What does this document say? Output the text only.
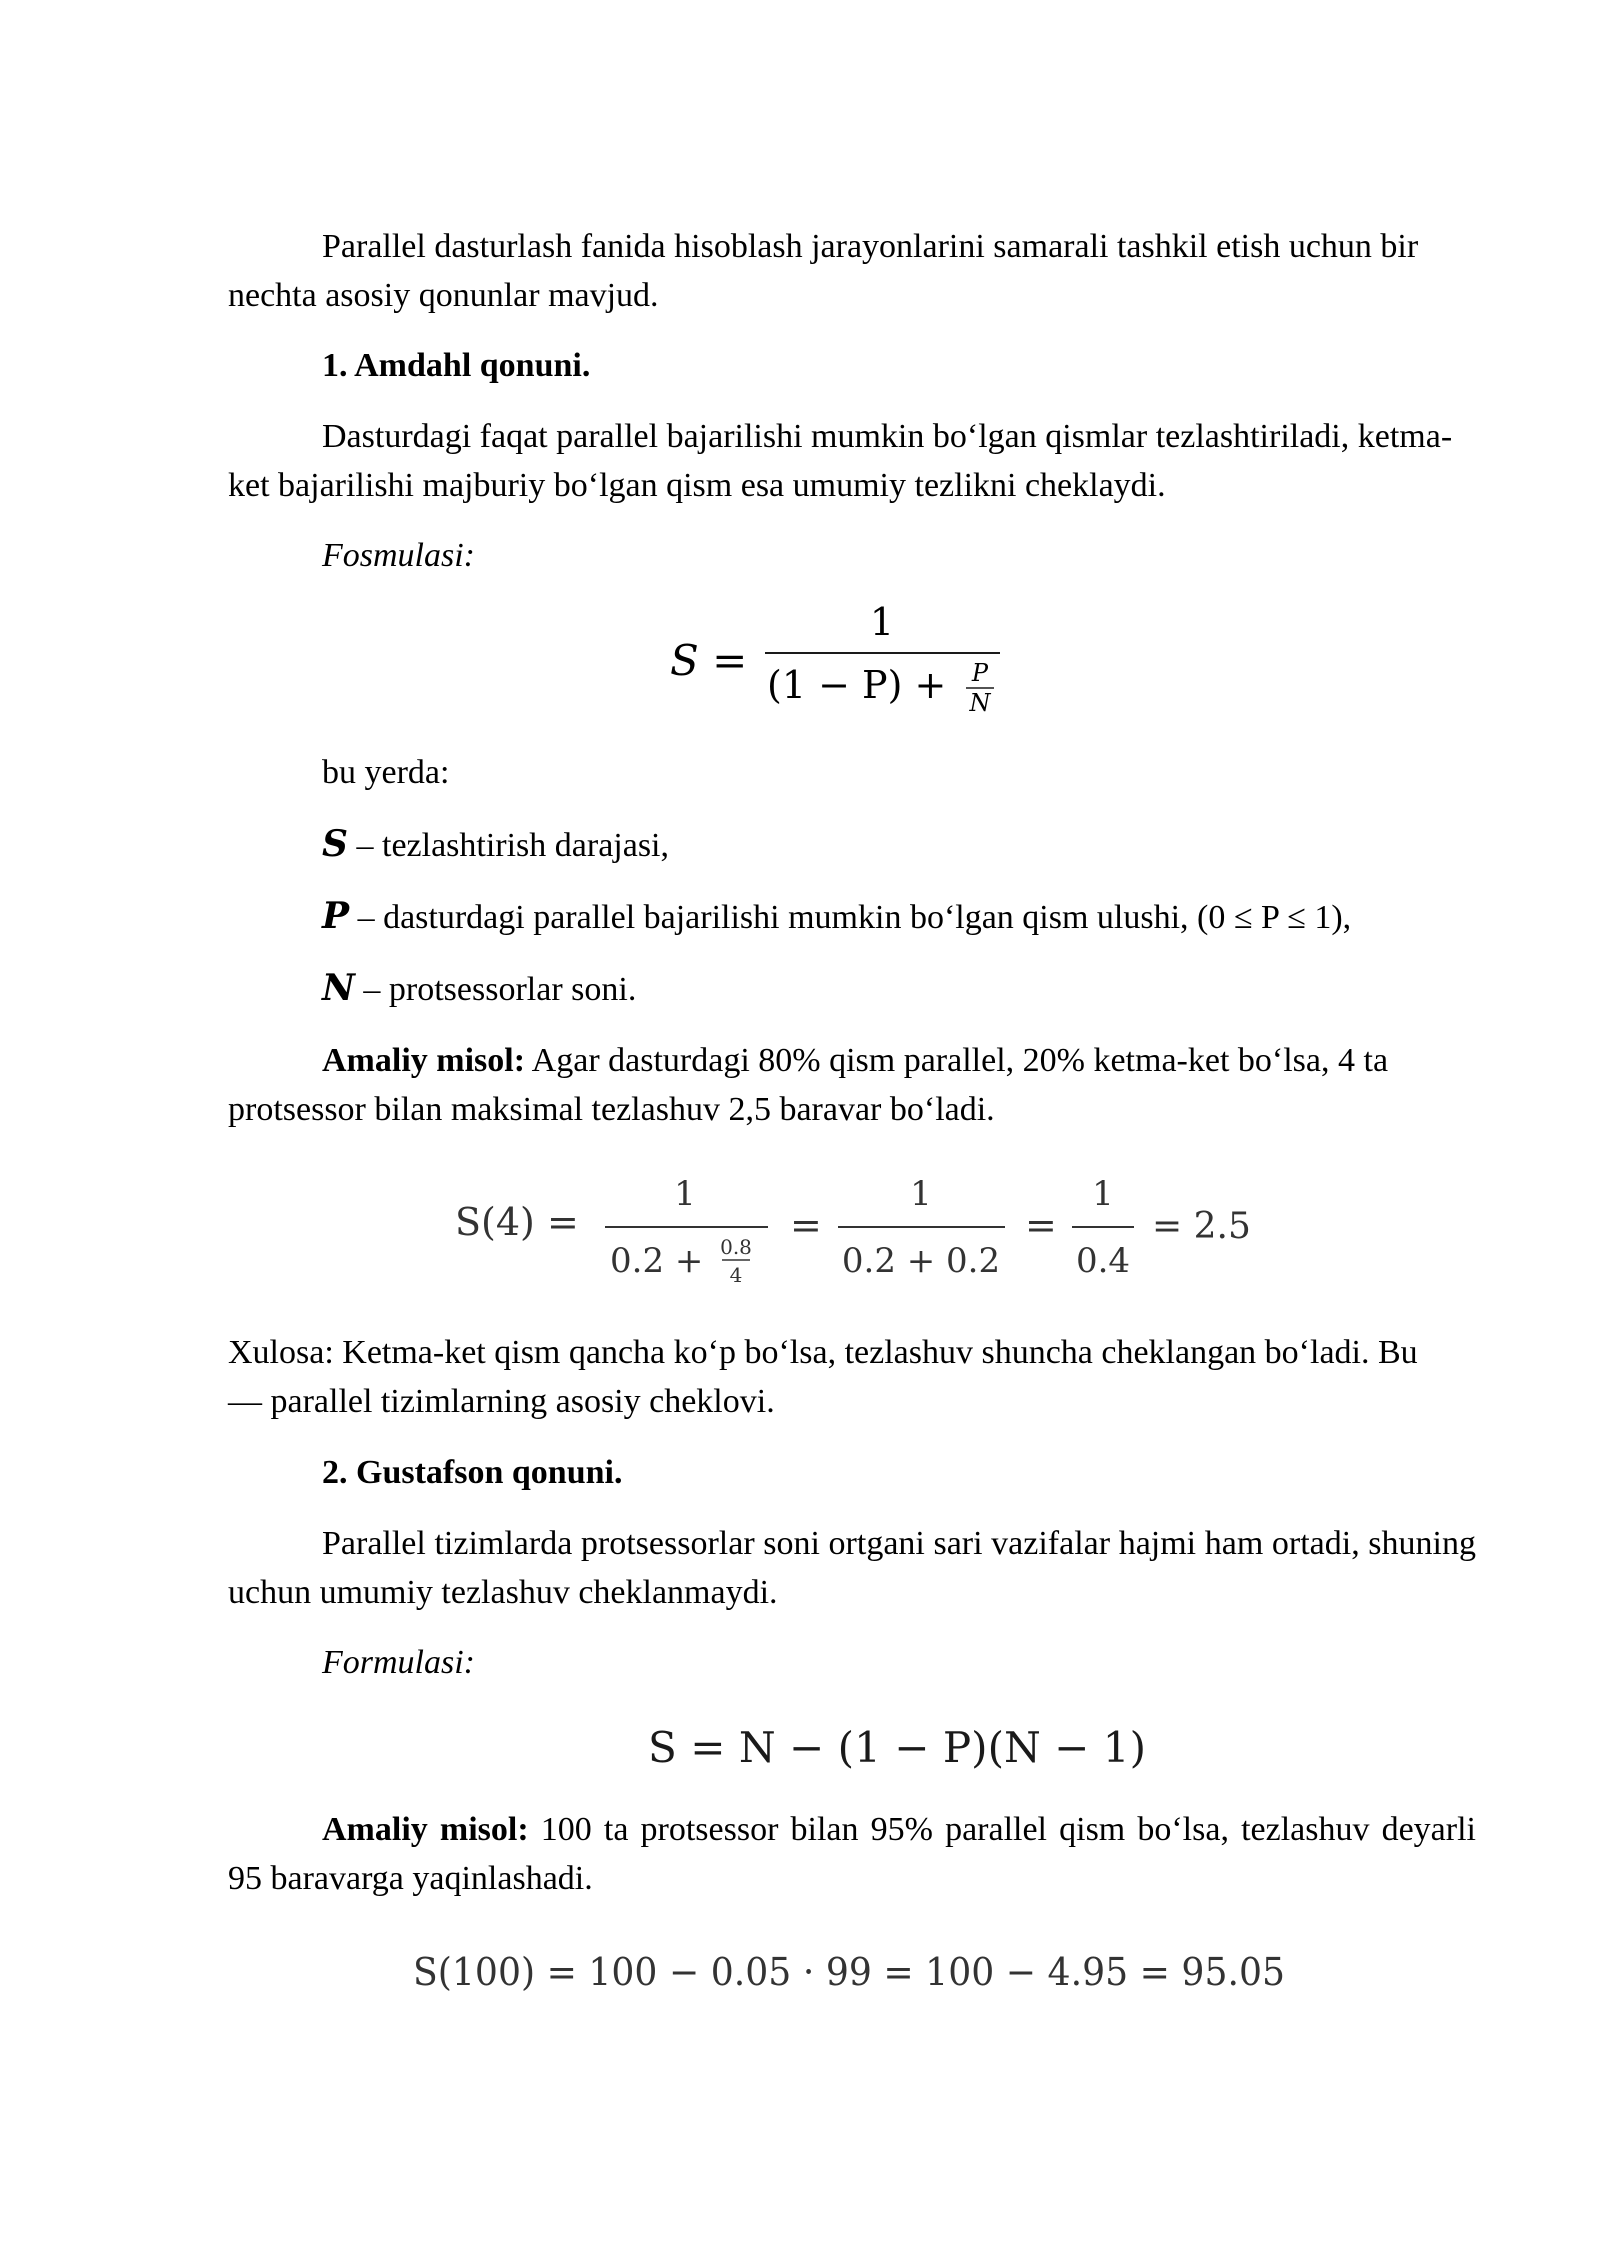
Parallel dasturlash fanida hisoblash jarayonlarini samarali tashkil etish uchun bir nechta asosiy qonunlar mavjud.

1. Amdahl qonuni.

Dasturdagi faqat parallel bajarilishi mumkin bo‘lgan qismlar tezlashtiriladi, ketma-ket bajarilishi majburiy bo‘lgan qism esa umumiy tezlikni cheklaydi.

Fosmulasi:

S =
1
(1 − P) + P
N

bu yerda:

S – tezlashtirish darajasi,

P – dasturdagi parallel bajarilishi mumkin bo‘lgan qism ulushi, (0 ≤ P ≤ 1),

N – protsessorlar soni.

Amaliy misol: Agar dasturdagi 80% qism parallel, 20% ketma-ket bo‘lsa, 4 ta protsessor bilan maksimal tezlashuv 2,5 baravar bo‘ladi.

S(4) =
1
0.2 + 0.8
4
=
1
0.2 + 0.2
=
1
0.4
= 2.5

Xulosa: Ketma-ket qism qancha ko‘p bo‘lsa, tezlashuv shuncha cheklangan bo‘ladi. Bu — parallel tizimlarning asosiy cheklovi.

2. Gustafson qonuni.

Parallel tizimlarda protsessorlar soni ortgani sari vazifalar hajmi ham ortadi, shuning uchun umumiy tezlashuv cheklanmaydi.

Formulasi:

S = N − (1 − P)(N − 1)

Amaliy misol: 100 ta protsessor bilan 95% parallel qism bo‘lsa, tezlashuv deyarli 95 baravarga yaqinlashadi.

S(100) = 100 − 0.05 · 99 = 100 − 4.95 = 95.05
